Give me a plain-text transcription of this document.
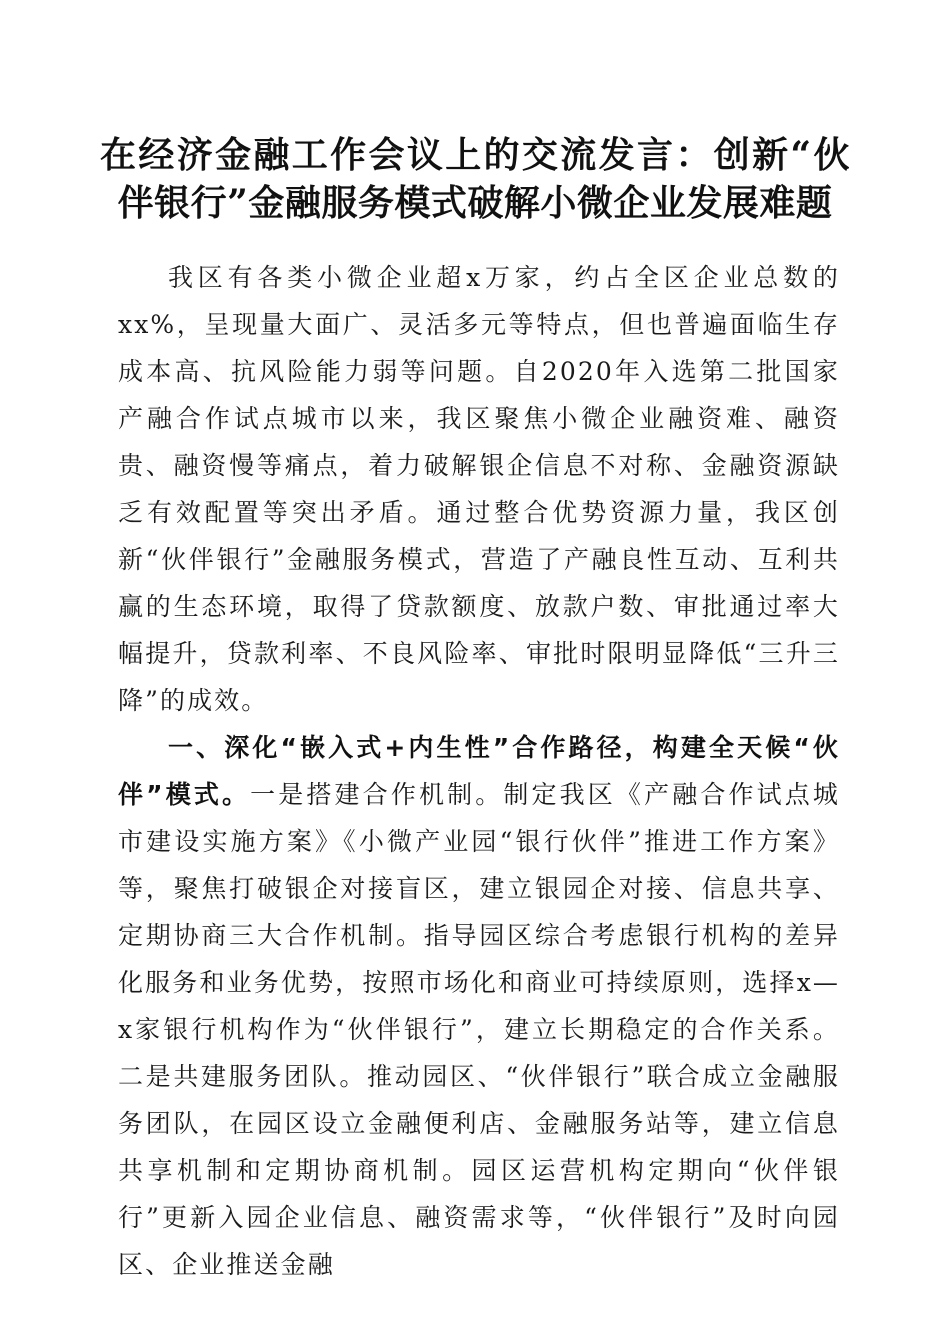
在经济金融工作会议上的交流发言：创新“伙伴银行”金融服务模式破解小微企业发展难题

我区有各类小微企业超x万家，约占全区企业总数的xx%，呈现量大面广、灵活多元等特点，但也普遍面临生存成本高、抗风险能力弱等问题。自2020年入选第二批国家产融合作试点城市以来，我区聚焦小微企业融资难、融资贵、融资慢等痛点，着力破解银企信息不对称、金融资源缺乏有效配置等突出矛盾。通过整合优势资源力量，我区创新“伙伴银行”金融服务模式，营造了产融良性互动、互利共赢的生态环境，取得了贷款额度、放款户数、审批通过率大幅提升，贷款利率、不良风险率、审批时限明显降低“三升三降”的成效。

一、深化“嵌入式+内生性”合作路径，构建全天候“伙伴”模式。一是搭建合作机制。制定我区《产融合作试点城市建设实施方案》《小微产业园“银行伙伴”推进工作方案》等，聚焦打破银企对接盲区，建立银园企对接、信息共享、定期协商三大合作机制。指导园区综合考虑银行机构的差异化服务和业务优势，按照市场化和商业可持续原则，选择x—x家银行机构作为“伙伴银行”，建立长期稳定的合作关系。二是共建服务团队。推动园区、“伙伴银行”联合成立金融服务团队，在园区设立金融便利店、金融服务站等，建立信息共享机制和定期协商机制。园区运营机构定期向“伙伴银行”更新入园企业信息、融资需求等，“伙伴银行”及时向园区、企业推送金融
